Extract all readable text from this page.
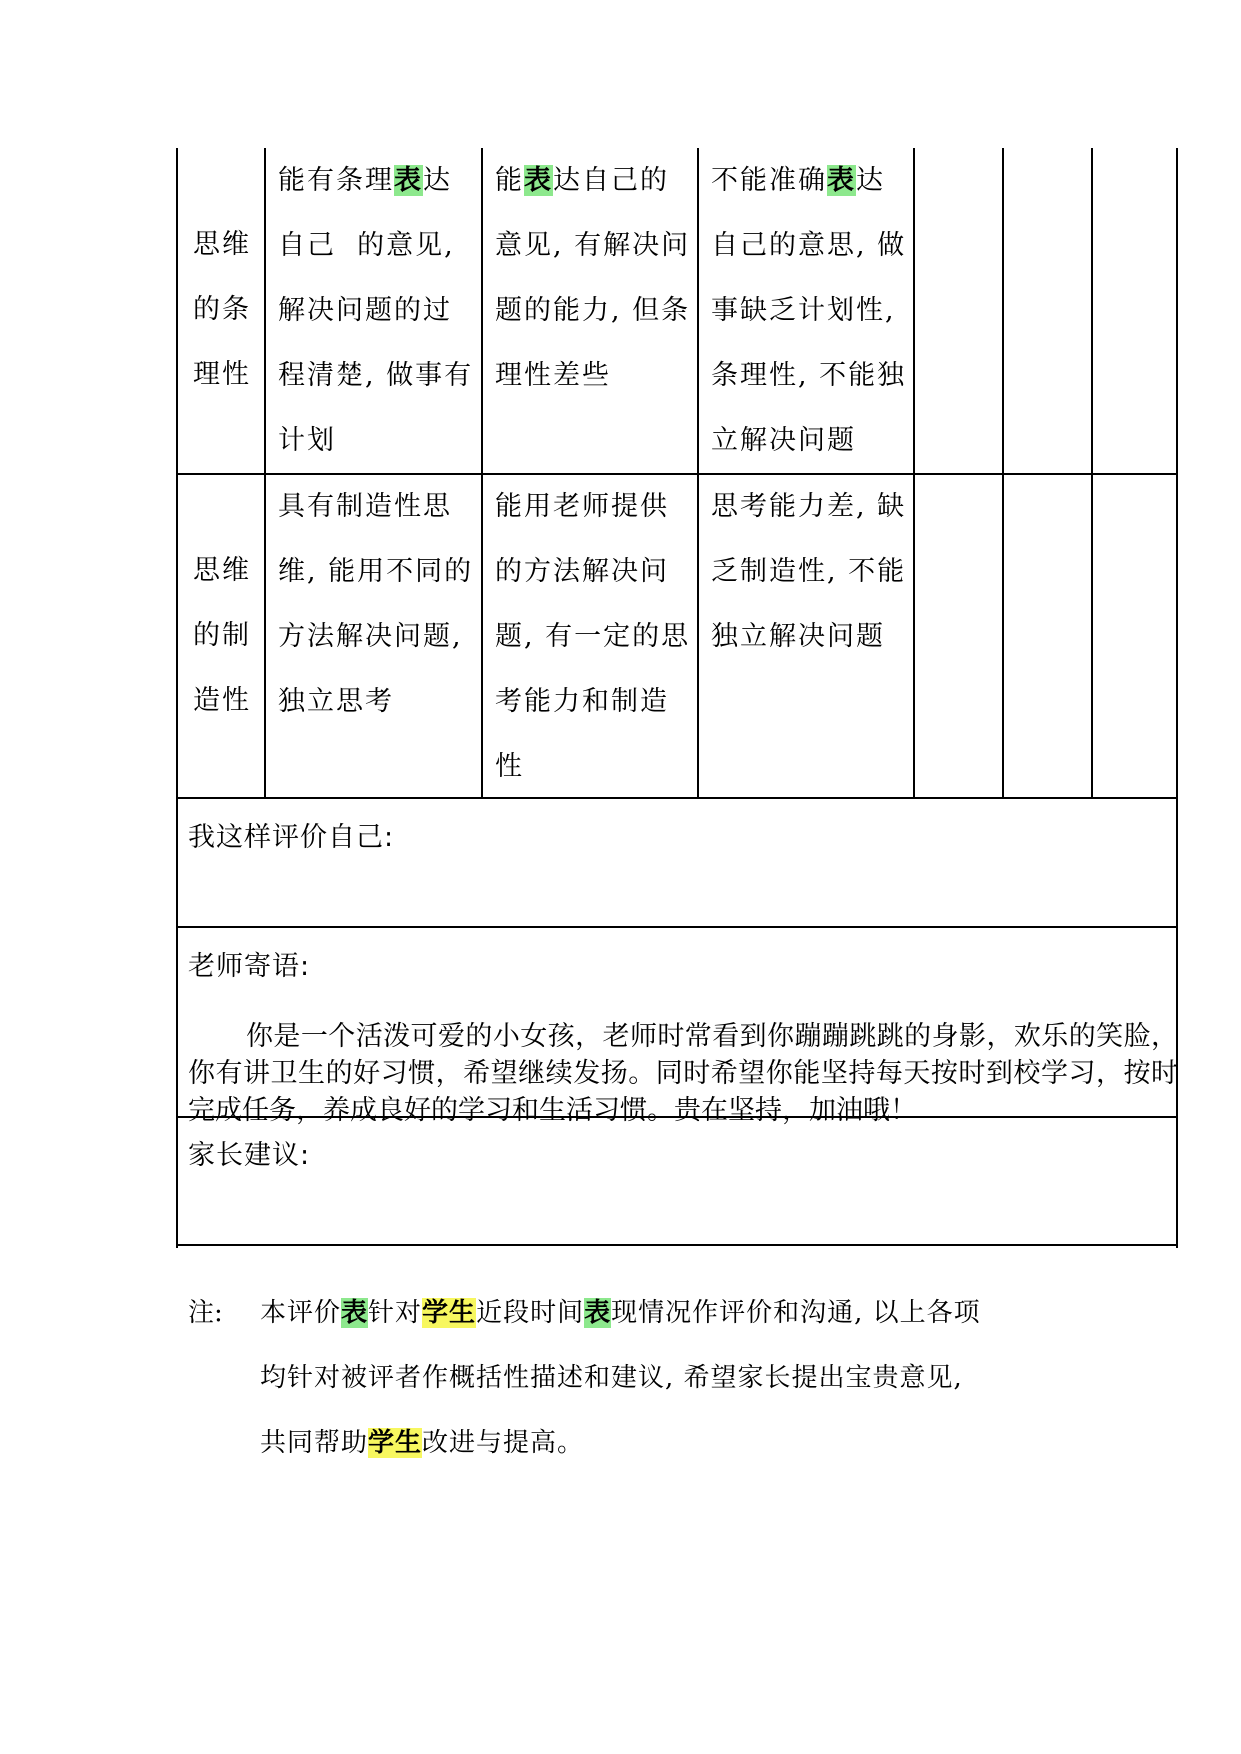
思维
的条
理性
能有条理表达
自己  的意见,
解决问题的过
程清楚, 做事有
计划
能表达自己的
意见, 有解决问
题的能力, 但条
理性差些
不能准确表达
自己的意思, 做
事缺乏计划性,
条理性, 不能独
立解决问题
思维
的制
造性
具有制造性思
维, 能用不同的
方法解决问题,
独立思考
能用老师提供
的方法解决问
题, 有一定的思
考能力和制造
性
思考能力差, 缺
乏制造性, 不能
独立解决问题
我这样评价自己:
老师寄语:
你是一个活泼可爱的小女孩，老师时常看到你蹦蹦跳跳的身影，欢乐的笑脸，你有讲卫生的好习惯，希望继续发扬。同时希望你能坚持每天按时到校学习，按时完成任务，养成良好的学习和生活习惯。贵在坚持，加油哦！
家长建议:
注: 本评价表针对学生近段时间表现情况作评价和沟通, 以上各项
均针对被评者作概括性描述和建议, 希望家长提出宝贵意见,
共同帮助学生改进与提高。
